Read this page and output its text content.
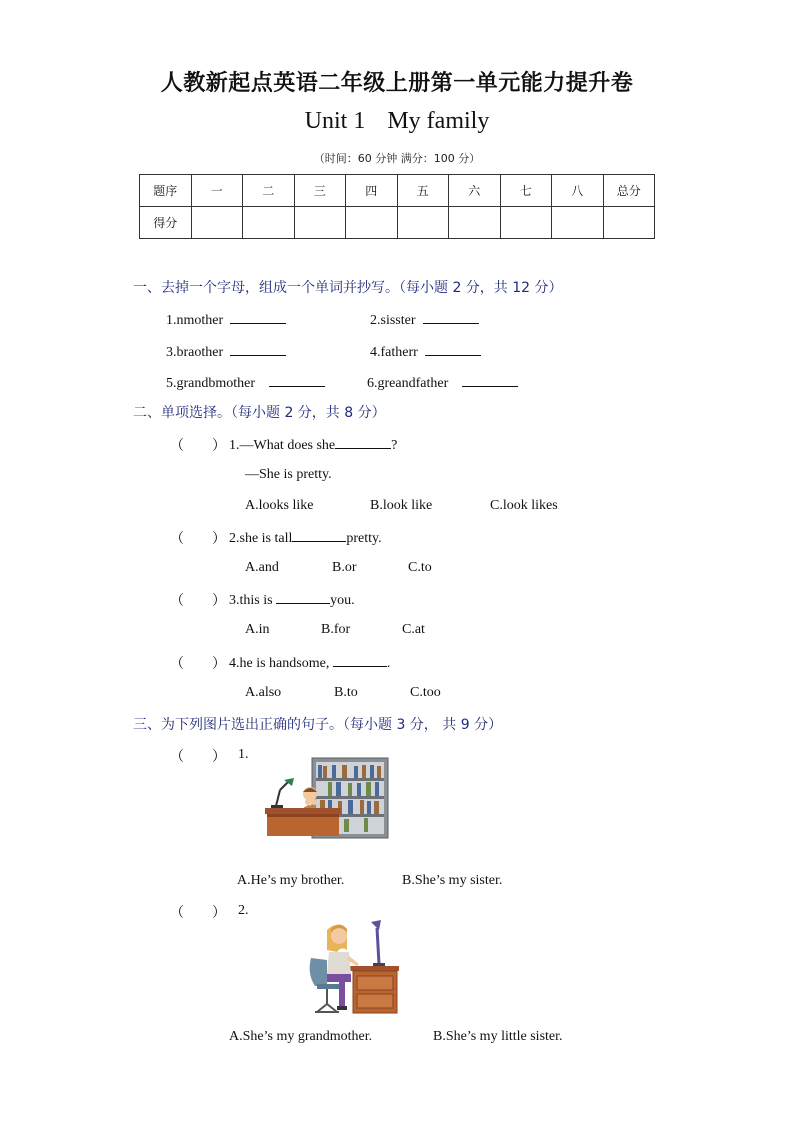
人教新起点英语二年级上册第一单元能力提升卷
Unit 1 My family
（时间：60 分钟 满分：100 分）
题序	一	二	三	四	五	六	七	八	总分
得分									
一、去掉一个字母，组成一个单词并抄写。（每小题 2 分，共 12 分）
1.nmother	2.sisster
3.braother	4.fatherr
5.grandbmother	6.greandfather
二、单项选择。（每小题 2 分，共 8 分）
（　　） 1.—What does she	?
—She is pretty.
A.looks like	B.look like	C.look likes
（　　） 2.she is tall	pretty.
A.and	B.or	C.to
（　　） 3.this is	you.
A.in	B.for	C.at
（　　） 4.he is handsome,	.
A.also	B.to	C.too
三、为下列图片选出正确的句子。（每小题 3 分， 共 9 分）
（　　） 1.
A.He’s my brother.	B.She’s my sister.
（　　） 2.
A.She’s my grandmother.	B.She’s my little sister.
